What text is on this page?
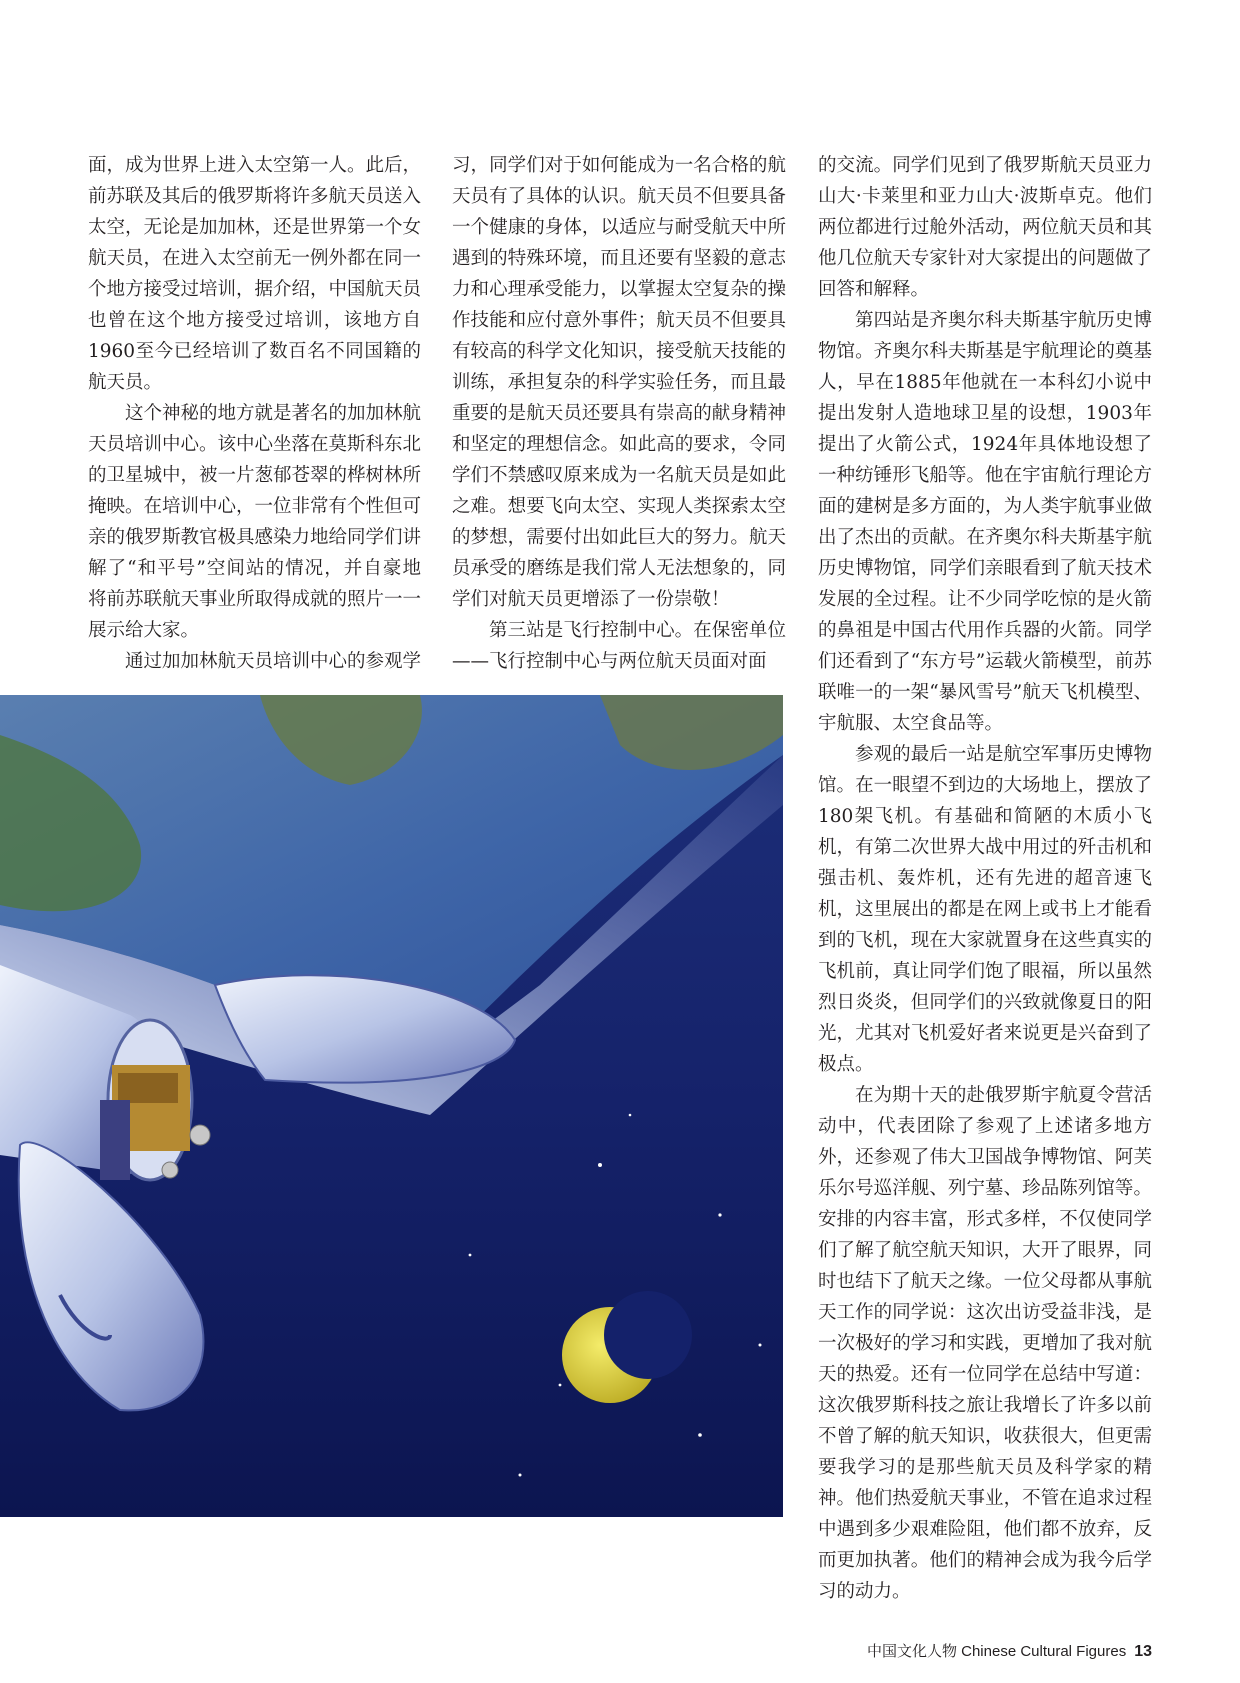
面，成为世界上进入太空第一人。此后，前苏联及其后的俄罗斯将许多航天员送入太空，无论是加加林，还是世界第一个女航天员，在进入太空前无一例外都在同一个地方接受过培训，据介绍，中国航天员也曾在这个地方接受过培训，该地方自1960至今已经培训了数百名不同国籍的航天员。

这个神秘的地方就是著名的加加林航天员培训中心。该中心坐落在莫斯科东北的卫星城中，被一片葱郁苍翠的桦树林所掩映。在培训中心，一位非常有个性但可亲的俄罗斯教官极具感染力地给同学们讲解了“和平号”空间站的情况，并自豪地将前苏联航天事业所取得成就的照片一一展示给大家。

通过加加林航天员培训中心的参观学

习，同学们对于如何能成为一名合格的航天员有了具体的认识。航天员不但要具备一个健康的身体，以适应与耐受航天中所遇到的特殊环境，而且还要有坚毅的意志力和心理承受能力，以掌握太空复杂的操作技能和应付意外事件；航天员不但要具有较高的科学文化知识，接受航天技能的训练，承担复杂的科学实验任务，而且最重要的是航天员还要具有崇高的献身精神和坚定的理想信念。如此高的要求，令同学们不禁感叹原来成为一名航天员是如此之难。想要飞向太空、实现人类探索太空的梦想，需要付出如此巨大的努力。航天员承受的磨练是我们常人无法想象的，同学们对航天员更增添了一份崇敬！

第三站是飞行控制中心。在保密单位——飞行控制中心与两位航天员面对面

的交流。同学们见到了俄罗斯航天员亚力山大·卡莱里和亚力山大·波斯卓克。他们两位都进行过舱外活动，两位航天员和其他几位航天专家针对大家提出的问题做了回答和解释。

第四站是齐奥尔科夫斯基宇航历史博物馆。齐奥尔科夫斯基是宇航理论的奠基人，早在1885年他就在一本科幻小说中提出发射人造地球卫星的设想，1903年提出了火箭公式，1924年具体地设想了一种纺锤形飞船等。他在宇宙航行理论方面的建树是多方面的，为人类宇航事业做出了杰出的贡献。在齐奥尔科夫斯基宇航历史博物馆，同学们亲眼看到了航天技术发展的全过程。让不少同学吃惊的是火箭的鼻祖是中国古代用作兵器的火箭。同学们还看到了“东方号”运载火箭模型，前苏联唯一的一架“暴风雪号”航天飞机模型、宇航服、太空食品等。

参观的最后一站是航空军事历史博物馆。在一眼望不到边的大场地上，摆放了180架飞机。有基础和简陋的木质小飞机，有第二次世界大战中用过的歼击机和强击机、轰炸机，还有先进的超音速飞机，这里展出的都是在网上或书上才能看到的飞机，现在大家就置身在这些真实的飞机前，真让同学们饱了眼福，所以虽然烈日炎炎，但同学们的兴致就像夏日的阳光，尤其对飞机爱好者来说更是兴奋到了极点。

在为期十天的赴俄罗斯宇航夏令营活动中，代表团除了参观了上述诸多地方外，还参观了伟大卫国战争博物馆、阿芙乐尔号巡洋舰、列宁墓、珍品陈列馆等。安排的内容丰富，形式多样，不仅使同学们了解了航空航天知识，大开了眼界，同时也结下了航天之缘。一位父母都从事航天工作的同学说：这次出访受益非浅，是一次极好的学习和实践，更增加了我对航天的热爱。还有一位同学在总结中写道：这次俄罗斯科技之旅让我增长了许多以前不曾了解的航天知识，收获很大，但更需要我学习的是那些航天员及科学家的精神。他们热爱航天事业，不管在追求过程中遇到多少艰难险阻，他们都不放弃，反而更加执著。他们的精神会成为我今后学习的动力。

中国文化人物 Chinese Cultural Figures 13
